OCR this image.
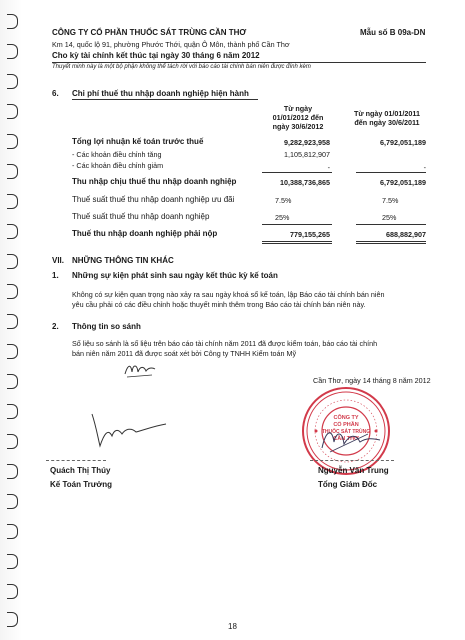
CÔNG TY CỔ PHẦN THUỐC SÁT TRÙNG CẦN THƠ	Mẫu số B 09a-DN
Km 14, quốc lộ 91, phường Phước Thới, quận Ô Môn, thành phố Cần Thơ
Cho kỳ tài chính kết thúc tại ngày 30 tháng 6 năm 2012
Thuyết minh này là một bộ phận không thể tách rời với báo cáo tài chính bán niên được đính kèm
6. Chi phí thuế thu nhập doanh nghiệp hiện hành
Từ ngày
01/01/2012 đến
ngày 30/6/2012
Từ ngày 01/01/2011
đến ngày 30/6/2011
Tổng lợi nhuận kế toán trước thuế	9,282,923,958	6,792,051,189
- Các khoản điều chỉnh tăng	1,105,812,907
- Các khoản điều chỉnh giảm	-	-
Thu nhập chịu thuế thu nhập doanh nghiệp	10,388,736,865	6,792,051,189
Thuế suất thuế thu nhập doanh nghiệp ưu đãi	7.5%	7.5%
Thuế suất thuế thu nhập doanh nghiệp	25%	25%
Thuế thu nhập doanh nghiệp phải nộp	779,155,265	688,882,907
VII. NHỮNG THÔNG TIN KHÁC
1. Những sự kiện phát sinh sau ngày kết thúc kỳ kế toán
Không có sự kiện quan trọng nào xảy ra sau ngày khoá sổ kế toán, lập Báo cáo tài chính bán niên
yêu cầu phải có các điều chỉnh hoặc thuyết minh thêm trong Báo cáo tài chính bán niên này.
2. Thông tin so sánh
Số liệu so sánh là số liệu trên báo cáo tài chính năm 2011 đã được kiểm toán, báo cáo tài chính
bán niên năm 2011 đã được soát xét bởi Công ty TNHH Kiểm toán Mỹ
Cần Thơ, ngày 14 tháng 8 năm 2012
CÔNG TY
CỔ PHẦN
THUỐC SÁT TRÙNG
CẦN THƠ
Quách Thị Thúy
Kế Toán Trưởng
Nguyễn Văn Trung
Tổng Giám Đốc
18
